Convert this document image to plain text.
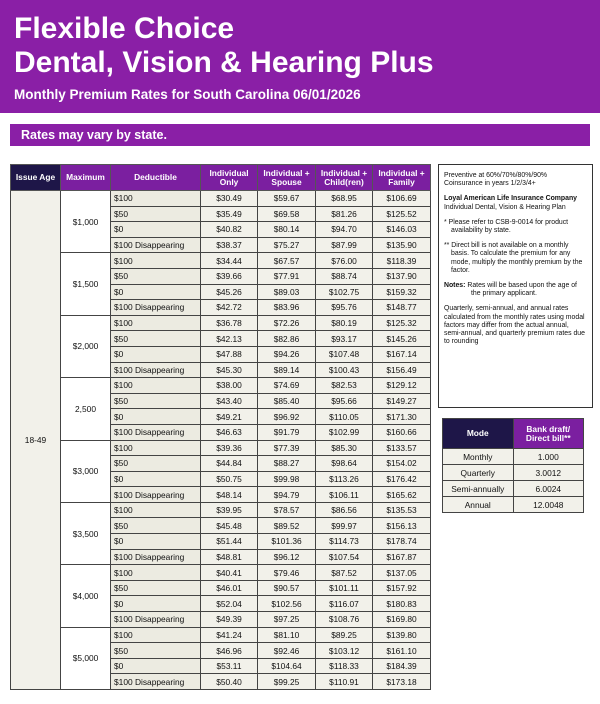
Flexible Choice
Dental, Vision & Hearing Plus
Monthly Premium Rates for South Carolina 06/01/2026
Rates may vary by state.
Issue Age	Maximum	Deductible	Individual Only	Individual + Spouse	Individual + Child(ren)	Individual + Family
18-49	$1,000	$100	$30.49	$59.67	$68.95	$106.69
		$50	$35.49	$69.58	$81.26	$125.52
		$0	$40.82	$80.14	$94.70	$146.03
		$100 Disappearing	$38.37	$75.27	$87.99	$135.90
	$1,500	$100	$34.44	$67.57	$76.00	$118.39
		$50	$39.66	$77.91	$88.74	$137.90
		$0	$45.26	$89.03	$102.75	$159.32
		$100 Disappearing	$42.72	$83.96	$95.76	$148.77
	$2,000	$100	$36.78	$72.26	$80.19	$125.32
		$50	$42.13	$82.86	$93.17	$145.26
		$0	$47.88	$94.26	$107.48	$167.14
		$100 Disappearing	$45.30	$89.14	$100.43	$156.49
	2,500	$100	$38.00	$74.69	$82.53	$129.12
		$50	$43.40	$85.40	$95.66	$149.27
		$0	$49.21	$96.92	$110.05	$171.30
		$100 Disappearing	$46.63	$91.79	$102.99	$160.66
	$3,000	$100	$39.36	$77.39	$85.30	$133.57
		$50	$44.84	$88.27	$98.64	$154.02
		$0	$50.75	$99.98	$113.26	$176.42
		$100 Disappearing	$48.14	$94.79	$106.11	$165.62
	$3,500	$100	$39.95	$78.57	$86.56	$135.53
		$50	$45.48	$89.52	$99.97	$156.13
		$0	$51.44	$101.36	$114.73	$178.74
		$100 Disappearing	$48.81	$96.12	$107.54	$167.87
	$4,000	$100	$40.41	$79.46	$87.52	$137.05
		$50	$46.01	$90.57	$101.11	$157.92
		$0	$52.04	$102.56	$116.07	$180.83
		$100 Disappearing	$49.39	$97.25	$108.76	$169.80
	$5,000	$100	$41.24	$81.10	$89.25	$139.80
		$50	$46.96	$92.46	$103.12	$161.10
		$0	$53.11	$104.64	$118.33	$184.39
		$100 Disappearing	$50.40	$99.25	$110.91	$173.18

Preventive at 60%/70%/80%/90%
Coinsurance in years 1/2/3/4+

Loyal American Life Insurance Company
Individual Dental, Vision & Hearing Plan

* Please refer to CSB-9-0014 for product availability by state.

** Direct bill is not available on a monthly basis. To calculate the premium for any mode, multiply the monthly premium by the factor.

Notes: Rates will be based upon the age of the primary applicant.

Quarterly, semi-annual, and annual rates calculated from the monthly rates using modal factors may differ from the actual annual, semi-annual, and quarterly premium rates due to rounding

Mode	Bank draft/ Direct bill**
Monthly	1.000
Quarterly	3.0012
Semi-annually	6.0024
Annual	12.0048
